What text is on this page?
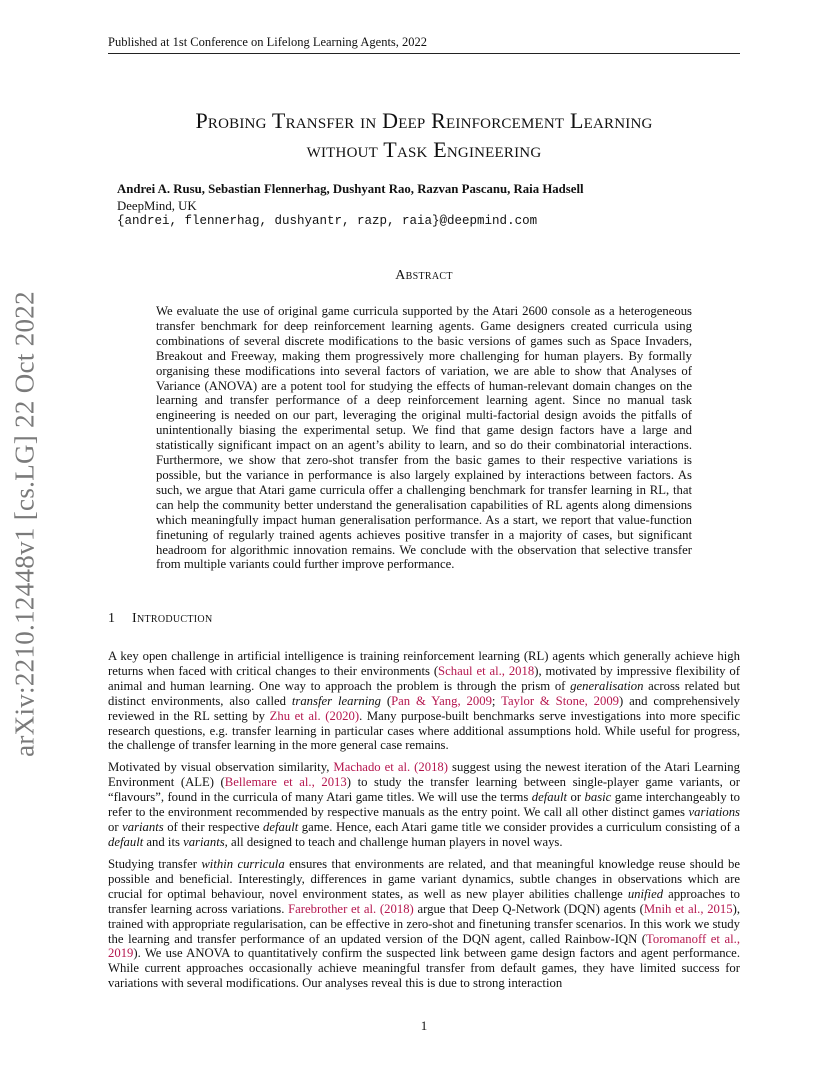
Published at 1st Conference on Lifelong Learning Agents, 2022
Probing Transfer in Deep Reinforcement Learning
without Task Engineering
Andrei A. Rusu, Sebastian Flennerhag, Dushyant Rao, Razvan Pascanu, Raia Hadsell
DeepMind, UK
{andrei, flennerhag, dushyantr, razp, raia}@deepmind.com
Abstract
We evaluate the use of original game curricula supported by the Atari 2600 console as a heterogeneous transfer benchmark for deep reinforcement learning agents. Game designers created curricula using combinations of several discrete modifications to the basic versions of games such as Space Invaders, Breakout and Freeway, making them progressively more challenging for human players. By formally organising these modifications into several factors of variation, we are able to show that Analyses of Variance (ANOVA) are a potent tool for studying the effects of human-relevant domain changes on the learning and transfer performance of a deep reinforcement learning agent. Since no manual task engineering is needed on our part, leveraging the original multi-factorial design avoids the pitfalls of unintentionally biasing the experimental setup. We find that game design factors have a large and statistically significant impact on an agent’s ability to learn, and so do their combinatorial interactions. Furthermore, we show that zero-shot transfer from the basic games to their respective variations is possible, but the variance in performance is also largely explained by interactions between factors. As such, we argue that Atari game curricula offer a challenging benchmark for transfer learning in RL, that can help the community better understand the generalisation capabilities of RL agents along dimensions which meaningfully impact human generalisation performance. As a start, we report that value-function finetuning of regularly trained agents achieves positive transfer in a majority of cases, but significant headroom for algorithmic innovation remains. We conclude with the observation that selective transfer from multiple variants could further improve performance.
1 Introduction
A key open challenge in artificial intelligence is training reinforcement learning (RL) agents which generally achieve high returns when faced with critical changes to their environments (Schaul et al., 2018), motivated by impressive flexibility of animal and human learning. One way to approach the problem is through the prism of generalisation across related but distinct environments, also called transfer learning (Pan & Yang, 2009; Taylor & Stone, 2009) and comprehensively reviewed in the RL setting by Zhu et al. (2020). Many purpose-built benchmarks serve investigations into more specific research questions, e.g. transfer learning in particular cases where additional assumptions hold. While useful for progress, the challenge of transfer learning in the more general case remains.
Motivated by visual observation similarity, Machado et al. (2018) suggest using the newest iteration of the Atari Learning Environment (ALE) (Bellemare et al., 2013) to study the transfer learning between single-player game variants, or “flavours”, found in the curricula of many Atari game titles. We will use the terms default or basic game interchangeably to refer to the environment recommended by respective manuals as the entry point. We call all other distinct games variations or variants of their respective default game. Hence, each Atari game title we consider provides a curriculum consisting of a default and its variants, all designed to teach and challenge human players in novel ways.
Studying transfer within curricula ensures that environments are related, and that meaningful knowledge reuse should be possible and beneficial. Interestingly, differences in game variant dynamics, subtle changes in observations which are crucial for optimal behaviour, novel environment states, as well as new player abilities challenge unified approaches to transfer learning across variations. Farebrother et al. (2018) argue that Deep Q-Network (DQN) agents (Mnih et al., 2015), trained with appropriate regularisation, can be effective in zero-shot and finetuning transfer scenarios. In this work we study the learning and transfer performance of an updated version of the DQN agent, called Rainbow-IQN (Toromanoff et al., 2019). We use ANOVA to quantitatively confirm the suspected link between game design factors and agent performance. While current approaches occasionally achieve meaningful transfer from default games, they have limited success for variations with several modifications. Our analyses reveal this is due to strong interaction
1
arXiv:2210.12448v1 [cs.LG] 22 Oct 2022
